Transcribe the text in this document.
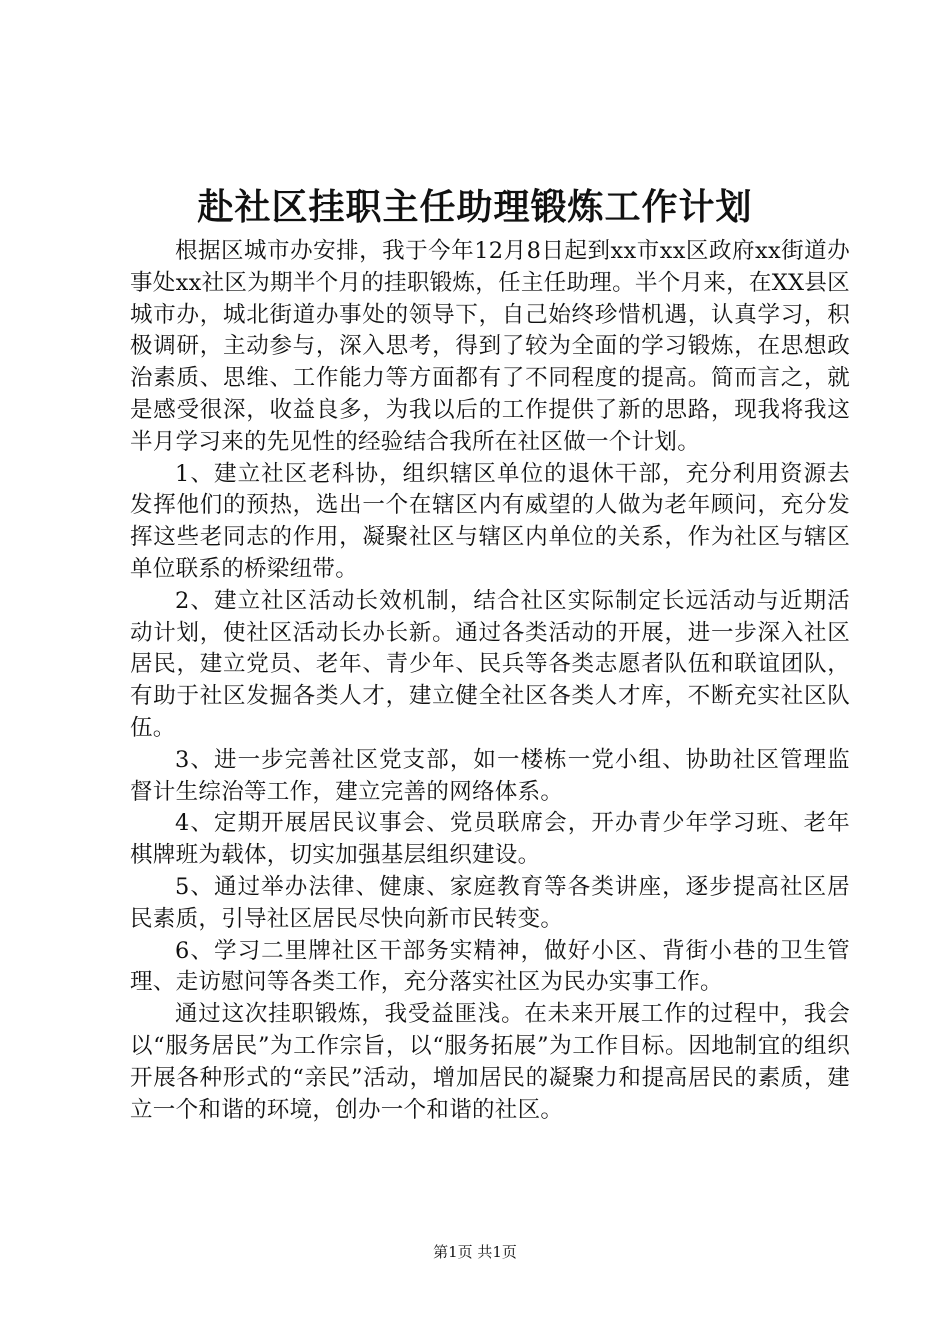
赴社区挂职主任助理锻炼工作计划

根据区城市办安排，我于今年12月8日起到xx市xx区政府xx街道办事处xx社区为期半个月的挂职锻炼，任主任助理。半个月来，在XX县区城市办，城北街道办事处的领导下，自己始终珍惜机遇，认真学习，积极调研，主动参与，深入思考，得到了较为全面的学习锻炼，在思想政治素质、思维、工作能力等方面都有了不同程度的提高。简而言之，就是感受很深，收益良多，为我以后的工作提供了新的思路，现我将我这半月学习来的先见性的经验结合我所在社区做一个计划。

1、建立社区老科协，组织辖区单位的退休干部，充分利用资源去发挥他们的预热，选出一个在辖区内有威望的人做为老年顾问，充分发挥这些老同志的作用，凝聚社区与辖区内单位的关系，作为社区与辖区单位联系的桥梁纽带。

2、建立社区活动长效机制，结合社区实际制定长远活动与近期活动计划，使社区活动长办长新。通过各类活动的开展，进一步深入社区居民，建立党员、老年、青少年、民兵等各类志愿者队伍和联谊团队，有助于社区发掘各类人才，建立健全社区各类人才库，不断充实社区队伍。

3、进一步完善社区党支部，如一楼栋一党小组、协助社区管理监督计生综治等工作，建立完善的网络体系。

4、定期开展居民议事会、党员联席会，开办青少年学习班、老年棋牌班为载体，切实加强基层组织建设。

5、通过举办法律、健康、家庭教育等各类讲座，逐步提高社区居民素质，引导社区居民尽快向新市民转变。

6、学习二里牌社区干部务实精神，做好小区、背街小巷的卫生管理、走访慰问等各类工作，充分落实社区为民办实事工作。

通过这次挂职锻炼，我受益匪浅。在未来开展工作的过程中，我会以“服务居民”为工作宗旨，以“服务拓展”为工作目标。因地制宜的组织开展各种形式的“亲民”活动，增加居民的凝聚力和提高居民的素质，建立一个和谐的环境，创办一个和谐的社区。

第1页 共1页
